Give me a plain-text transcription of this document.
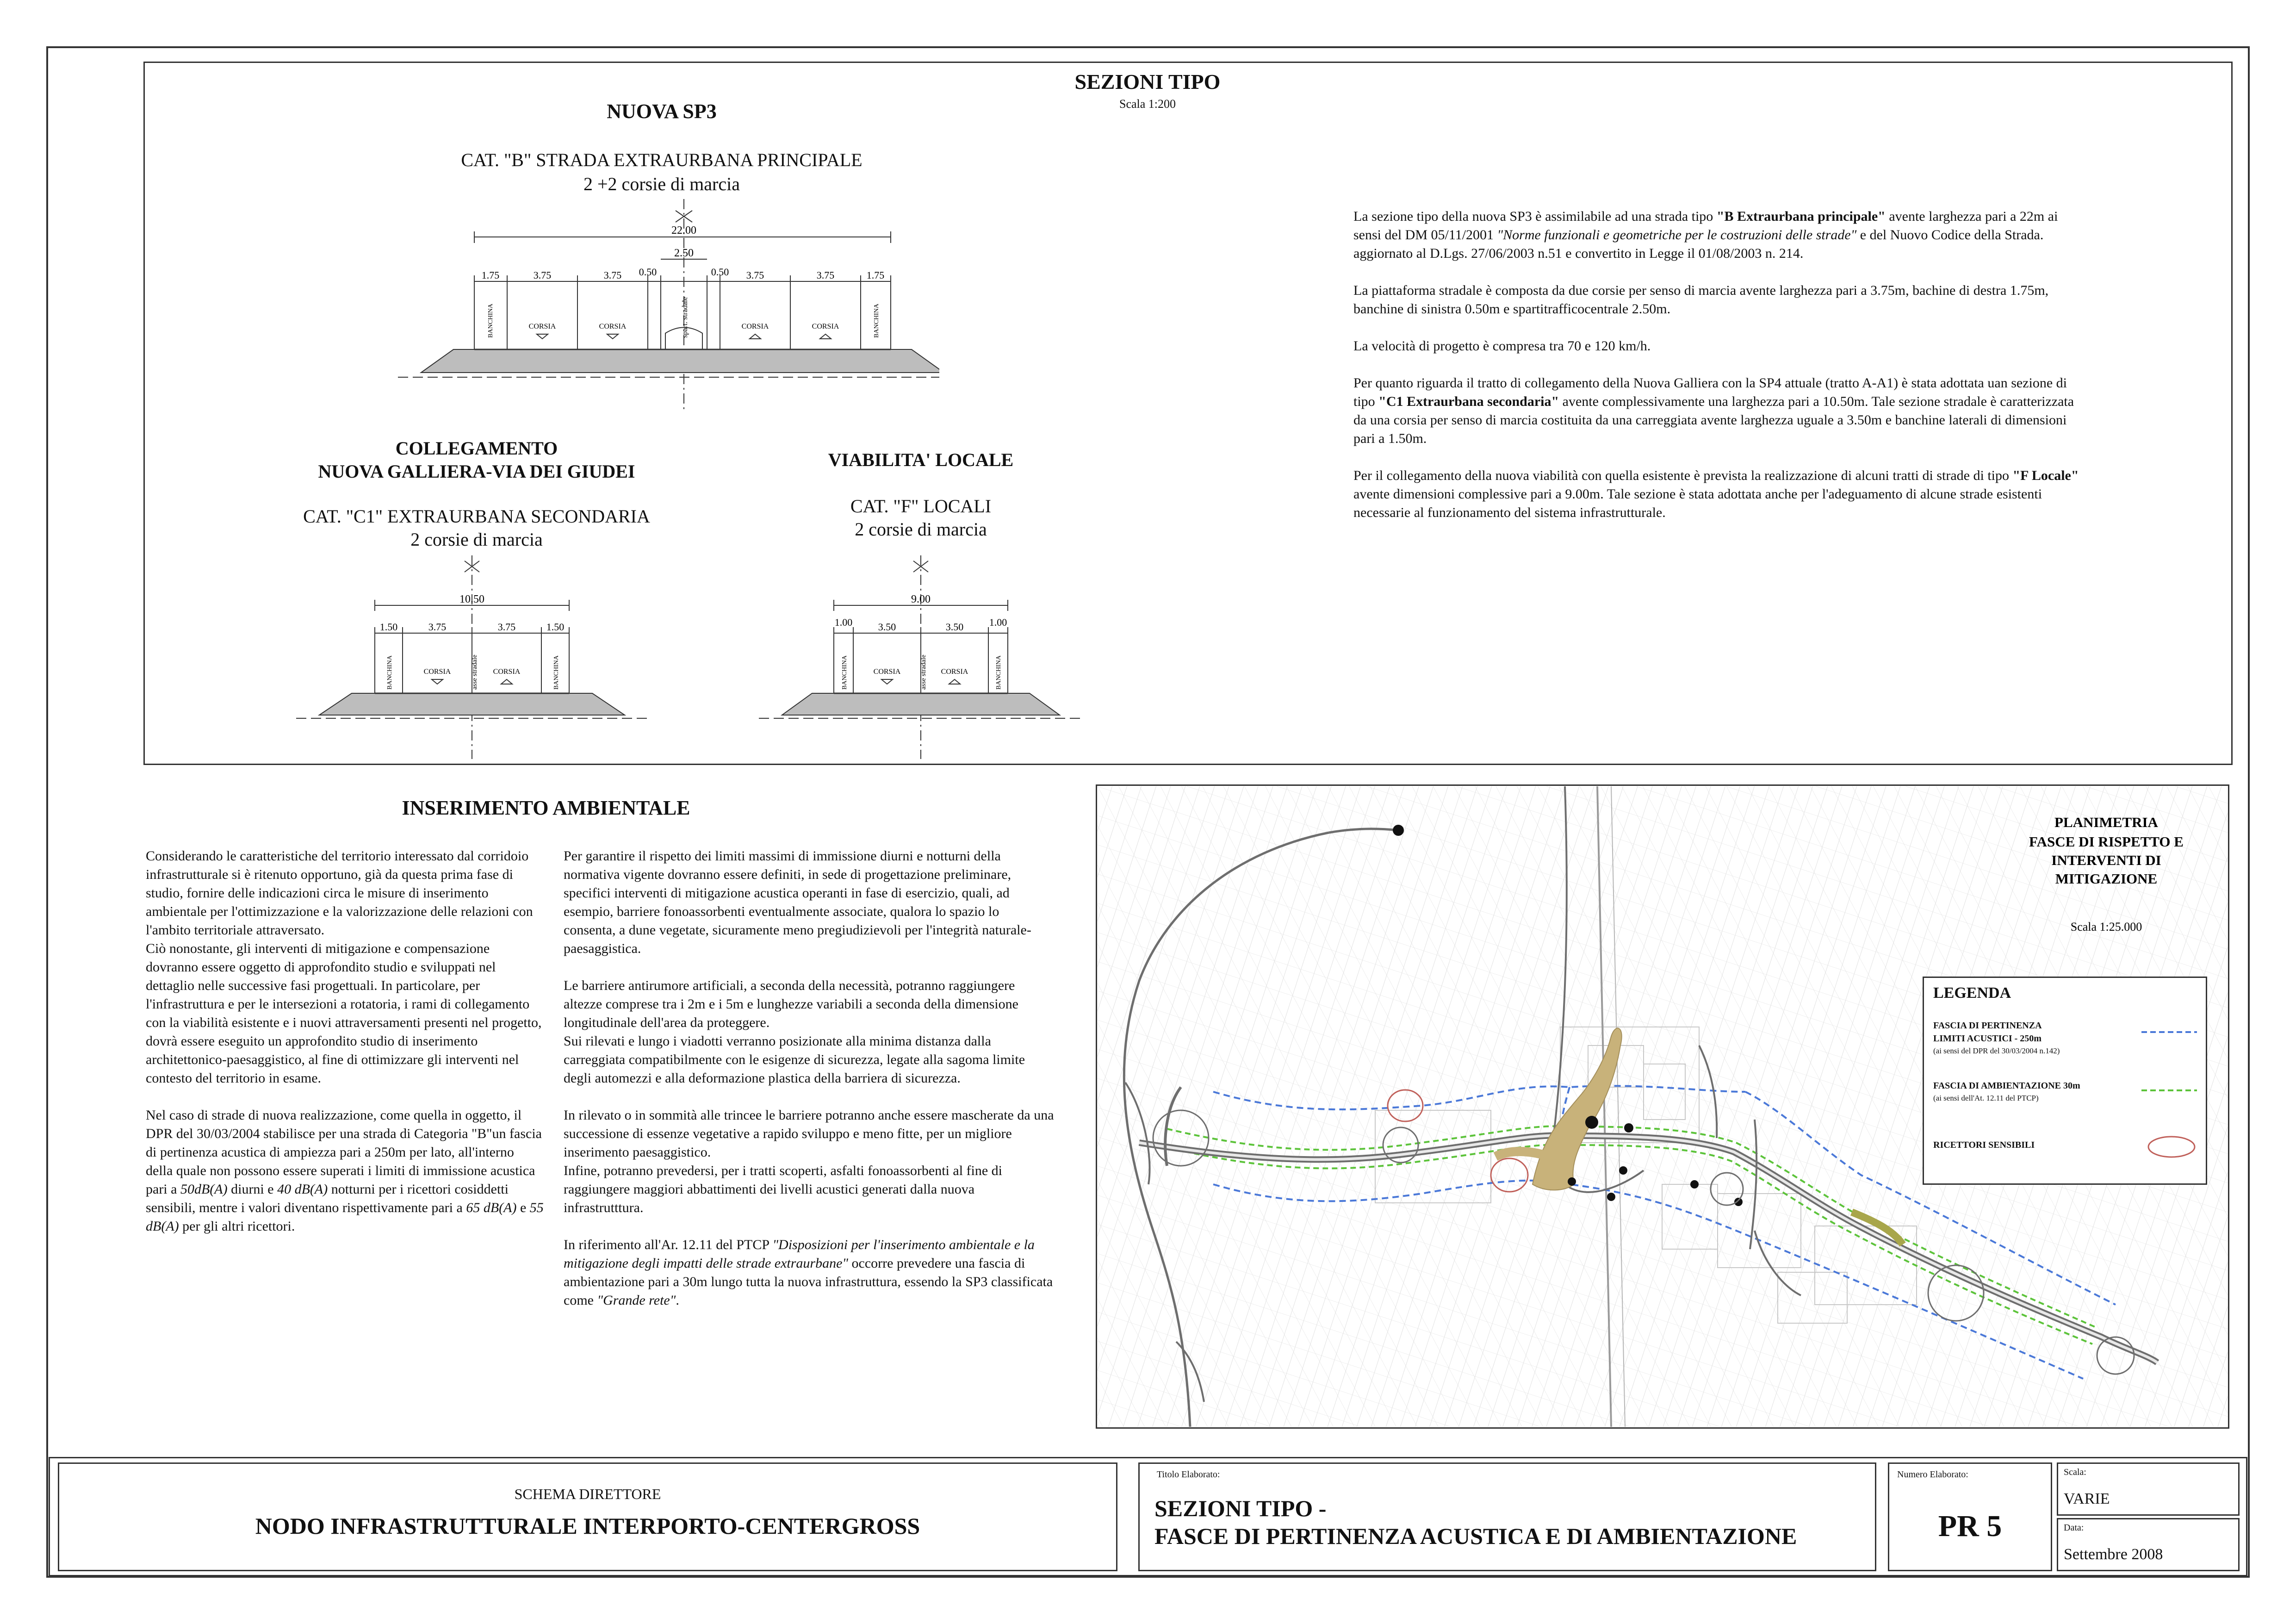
SEZIONI TIPO
Scala 1:200
NUOVA SP3
CAT. "B" STRADA EXTRAURBANA PRINCIPALE
2 +2 corsie di marcia
22.00
2.50
1.75	3.75	3.75 0.50	0.50 3.75	3.75	1.75
BANCHINA	CORSIA	CORSIA	spart. stradale	CORSIA	CORSIA	BANCHINA
COLLEGAMENTO
NUOVA GALLIERA-VIA DEI GIUDEI
CAT. "C1" EXTRAURBANA SECONDARIA
2 corsie di marcia
10.50
1.50	3.75	3.75	1.50
BANCHINA	CORSIA	asse stradale CORSIA	BANCHINA
VIABILITA' LOCALE
CAT. "F" LOCALI
2 corsie di marcia
9.00
1.00	3.50	3.50	1.00
BANCHINA	CORSIA	asse stradale CORSIA	BANCHINA

La sezione tipo della nuova SP3 è assimilabile ad una strada tipo "B Extraurbana principale" avente larghezza pari a 22m ai sensi del DM 05/11/2001 "Norme funzionali e geometriche per le costruzioni delle strade" e del Nuovo Codice della Strada. aggiornato al D.Lgs. 27/06/2003 n.51 e convertito in Legge il 01/08/2003 n. 214.

La piattaforma stradale è composta da due corsie per senso di marcia avente larghezza pari a 3.75m, bachine di destra 1.75m, banchine di sinistra 0.50m e spartitrafficocentrale 2.50m.

La velocità di progetto è compresa tra 70 e 120 km/h.

Per quanto riguarda il tratto di collegamento della Nuova Galliera con la SP4 attuale (tratto A-A1) è stata adottata uan sezione di tipo "C1 Extraurbana secondaria" avente complessivamente una larghezza pari a 10.50m. Tale sezione stradale è caratterizzata da una corsia per senso di marcia costituita da una carreggiata avente larghezza uguale a 3.50m e banchine laterali di dimensioni pari a 1.50m.

Per il collegamento della nuova viabilità con quella esistente è prevista la realizzazione di alcuni tratti di strade di tipo "F Locale" avente dimensioni complessive pari a 9.00m. Tale sezione è stata adottata anche per l'adeguamento di alcune strade esistenti necessarie al funzionamento del sistema infrastrutturale.

INSERIMENTO AMBIENTALE

Considerando le caratteristiche del territorio interessato dal corridoio infrastrutturale si è ritenuto opportuno, già da questa prima fase di studio, fornire delle indicazioni circa le misure di inserimento ambientale per l'ottimizzazione e la valorizzazione delle relazioni con l'ambito territoriale attraversato.
Ciò nonostante, gli interventi di mitigazione e compensazione dovranno essere oggetto di approfondito studio e sviluppati nel dettaglio nelle successive fasi progettuali. In particolare, per l'infrastruttura e per le intersezioni a rotatoria, i rami di collegamento con la viabilità esistente e i nuovi attraversamenti presenti nel progetto, dovrà essere eseguito un approfondito studio di inserimento architettonico-paesaggistico, al fine di ottimizzare gli interventi nel contesto del territorio in esame.

Nel caso di strade di nuova realizzazione, come quella in oggetto, il DPR del 30/03/2004 stabilisce per una strada di Categoria "B"un fascia di pertinenza acustica di ampiezza pari a 250m per lato, all'interno della quale non possono essere superati i limiti di immissione acustica pari a 50dB(A) diurni e 40 dB(A) notturni per i ricettori cosiddetti sensibili, mentre i valori diventano rispettivamente pari a 65 dB(A) e 55 dB(A) per gli altri ricettori.

Per garantire il rispetto dei limiti massimi di immissione diurni e notturni della normativa vigente dovranno essere definiti, in sede di progettazione preliminare, specifici interventi di mitigazione acustica operanti in fase di esercizio, quali, ad esempio, barriere fonoassorbenti eventualmente associate, qualora lo spazio lo consenta, a dune vegetate, sicuramente meno pregiudizievoli per l'integrità naturale-paesaggistica.

Le barriere antirumore artificiali, a seconda della necessità, potranno raggiungere altezze comprese tra i 2m e i 5m e lunghezze variabili a seconda della dimensione longitudinale dell'area da proteggere.
Sui rilevati e lungo i viadotti verranno posizionate alla minima distanza dalla carreggiata compatibilmente con le esigenze di sicurezza, legate alla sagoma limite degli automezzi e alla deformazione plastica della barriera di sicurezza.

In rilevato o in sommità alle trincee le barriere potranno anche essere mascherate da una successione di essenze vegetative a rapido sviluppo e meno fitte, per un migliore inserimento paesaggistico.
Infine, potranno prevedersi, per i tratti scoperti, asfalti fonoassorbenti al fine di raggiungere maggiori abbattimenti dei livelli acustici generati dalla nuova infrastrutttura.

In riferimento all'Ar. 12.11 del PTCP "Disposizioni per l'inserimento ambientale e la mitigazione degli impatti delle strade extraurbane" occorre prevedere una fascia di ambientazione pari a 30m lungo tutta la nuova infrastruttura, essendo la SP3 classificata come "Grande rete".

PLANIMETRIA
FASCE DI RISPETTO E
INTERVENTI DI
MITIGAZIONE
Scala 1:25.000
LEGENDA
FASCIA DI PERTINENZA
LIMITI ACUSTICI - 250m
(ai sensi del DPR del 30/03/2004 n.142)
FASCIA DI AMBIENTAZIONE 30m
(ai sensi dell'At. 12.11 del PTCP)
RICETTORI SENSIBILI
SCHEMA DIRETTORE
NODO INFRASTRUTTURALE INTERPORTO-CENTERGROSS
Titolo Elaborato:
SEZIONI TIPO -
FASCE DI PERTINENZA ACUSTICA E DI AMBIENTAZIONE
Numero Elaborato:
PR 5
Scala:
VARIE
Data:
Settembre 2008
